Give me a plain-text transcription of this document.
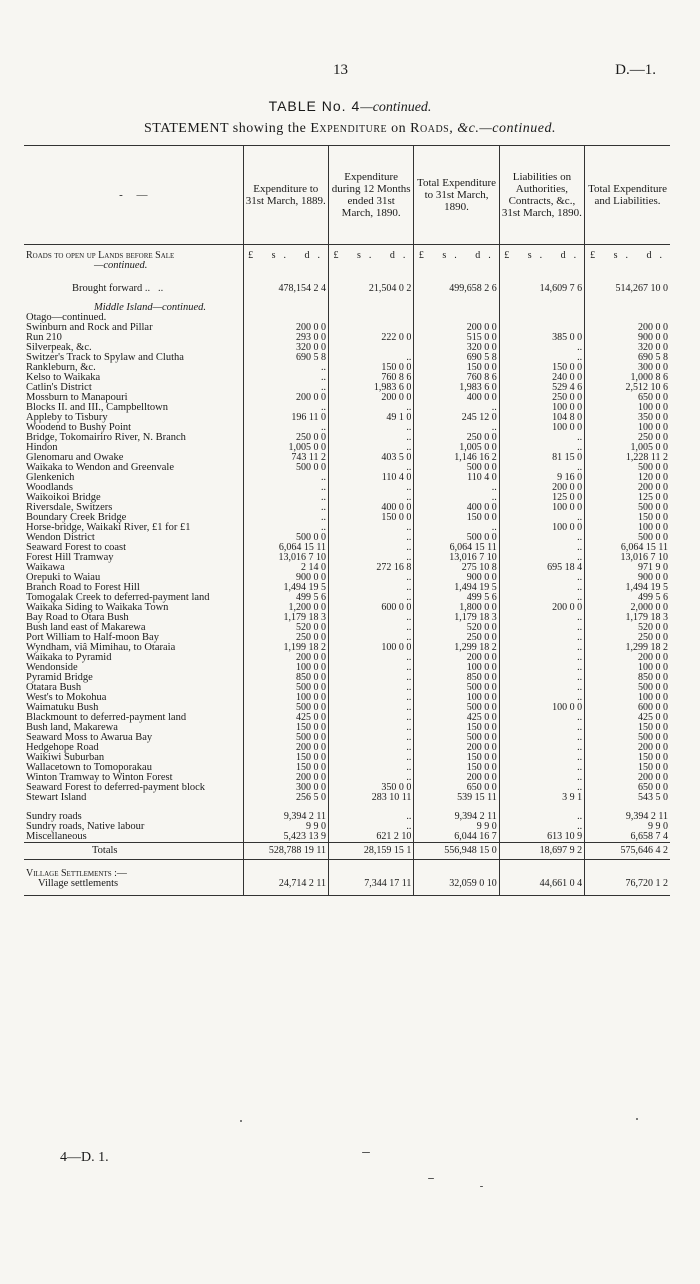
13	D.—1.
TABLE No. 4—continued.
STATEMENT showing the Expenditure on Roads, &c.—continued.
-     —	Expenditure to 31st March, 1889.	Expenditure during 12 Months ended 31st March, 1890.	Total Expenditure to 31st March, 1890.	Liabilities on Authorities, Contracts, &c., 31st March, 1890.	Total Expenditure and Liabilities.

Roads to open up Lands before Sale
—continued.	£ s. d.	£ s. d.	£ s. d.	£ s. d.	£ s. d.

Brought forward ..   ..	478,154 2 4	21,504 0 2	499,658 2 6	14,609 7 6	514,267 10 0

Middle Island—continued.
Otago—continued.					

Swinburn and Rock and Pillar	200 0 0		200 0 0		200 0 0
Run 210	293 0 0	222 0 0	515 0 0	385 0 0	900 0 0
Silverpeak, &c.	320 0 0		320 0 0	..	320 0 0
Switzer's Track to Spylaw and Clutha	690 5 8	..	690 5 8	..	690 5 8
Rankleburn, &c.	..	150 0 0	150 0 0	150 0 0	300 0 0
Kelso to Waikaka	..	760 8 6	760 8 6	240 0 0	1,000 8 6
Catlin's District	..	1,983 6 0	1,983 6 0	529 4 6	2,512 10 6
Mossburn to Manapouri	200 0 0	200 0 0	400 0 0	250 0 0	650 0 0
Blocks II. and III., Campbelltown	..	..	..	100 0 0	100 0 0
Appleby to Tisbury	196 11 0	49 1 0	245 12 0	104 8 0	350 0 0
Woodend to Bushy Point	..	..	..	100 0 0	100 0 0
Bridge, Tokomairiro River, N. Branch	250 0 0	..	250 0 0	..	250 0 0
Hindon	1,005 0 0	..	1,005 0 0	..	1,005 0 0
Glenomaru and Owake	743 11 2	403 5 0	1,146 16 2	81 15 0	1,228 11 2
Waikaka to Wendon and Greenvale	500 0 0	..	500 0 0	..	500 0 0
Glenkenich	..	110 4 0	110 4 0	9 16 0	120 0 0
Woodlands	..	..	..	200 0 0	200 0 0
Waikoikoi Bridge	..	..	..	125 0 0	125 0 0
Riversdale, Switzers	..	400 0 0	400 0 0	100 0 0	500 0 0
Boundary Creek Bridge	..	150 0 0	150 0 0	..	150 0 0
Horse-bridge, Waikaki River, £1 for £1	..	..	..	100 0 0	100 0 0
Wendon District	500 0 0	..	500 0 0	..	500 0 0
Seaward Forest to coast	6,064 15 11	..	6,064 15 11	..	6,064 15 11
Forest Hill Tramway	13,016 7 10	..	13,016 7 10	..	13,016 7 10
Waikawa	2 14 0	272 16 8	275 10 8	695 18 4	971 9 0
Orepuki to Waiau	900 0 0	..	900 0 0	..	900 0 0
Branch Road to Forest Hill	1,494 19 5	..	1,494 19 5	..	1,494 19 5
Tomogalak Creek to deferred-payment land	499 5 6	..	499 5 6	..	499 5 6
Waikaka Siding to Waikaka Town	1,200 0 0	600 0 0	1,800 0 0	200 0 0	2,000 0 0
Bay Road to Otara Bush	1,179 18 3	..	1,179 18 3	..	1,179 18 3
Bush land east of Makarewa	520 0 0	..	520 0 0	..	520 0 0
Port William to Half-moon Bay	250 0 0	..	250 0 0	..	250 0 0
Wyndham, viâ Mimihau, to Otaraia	1,199 18 2	100 0 0	1,299 18 2	..	1,299 18 2
Waikaka to Pyramid	200 0 0	..	200 0 0	..	200 0 0
Wendonside	100 0 0	..	100 0 0	..	100 0 0
Pyramid Bridge	850 0 0	..	850 0 0	..	850 0 0
Otatara Bush	500 0 0	..	500 0 0	..	500 0 0
West's to Mokohua	100 0 0	..	100 0 0	..	100 0 0
Waimatuku Bush	500 0 0	..	500 0 0	100 0 0	600 0 0
Blackmount to deferred-payment land	425 0 0	..	425 0 0	..	425 0 0
Bush land, Makarewa	150 0 0	..	150 0 0	..	150 0 0
Seaward Moss to Awarua Bay	500 0 0	..	500 0 0	..	500 0 0
Hedgehope Road	200 0 0	..	200 0 0	..	200 0 0
Waikiwi Suburban	150 0 0	..	150 0 0	..	150 0 0
Wallacetown to Tomoporakau	150 0 0	..	150 0 0	..	150 0 0
Winton Tramway to Winton Forest	200 0 0	..	200 0 0	..	200 0 0
Seaward Forest to deferred-payment block	300 0 0	350 0 0	650 0 0	..	650 0 0
Stewart Island	256 5 0	283 10 11	539 15 11	3 9 1	543 5 0

Sundry roads	9,394 2 11	..	9,394 2 11	..	9,394 2 11
Sundry roads, Native labour	9 9 0	..	9 9 0	..	9 9 0
Miscellaneous	5,423 13 9	621 2 10	6,044 16 7	613 10 9	6,658 7 4
Totals	528,788 19 11	28,159 15 1	556,948 15 0	18,697 9 2	575,646 4 2

Village Settlements :—					
Village settlements	24,714 2 11	7,344 17 11	32,059 0 10	44,661 0 4	76,720 1 2

4—D. 1.
